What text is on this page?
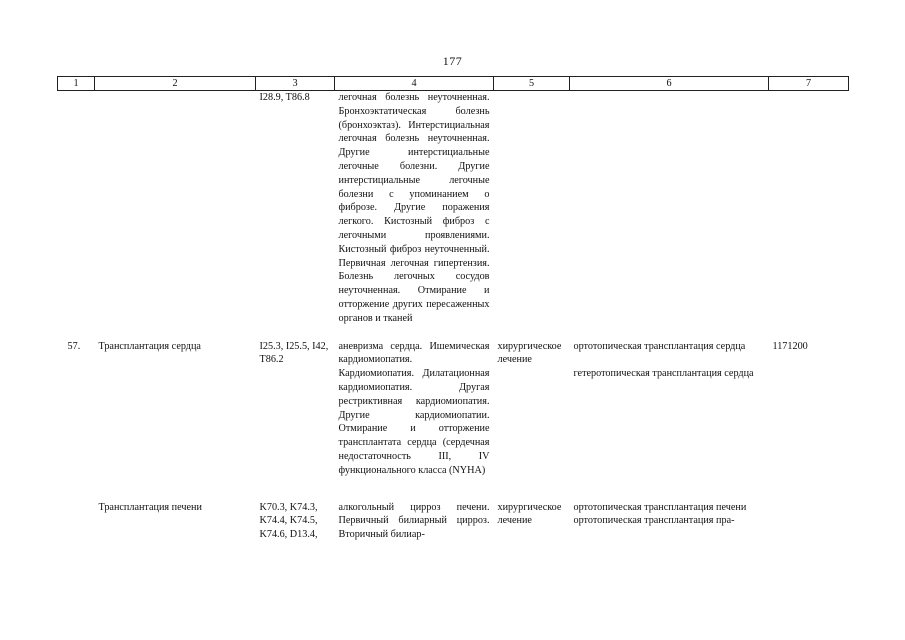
177
1	2	3	4	5	6	7
		I28.9, T86.8	легочная болезнь неуточненная. Бронхоэктатическая болезнь (бронхоэктаз). Интерстициальная легочная болезнь неуточненная. Другие интерстициальные легочные болезни. Другие интерстициальные легочные болезни с упоминанием о фиброзе. Другие поражения легкого. Кистозный фиброз с легочными проявлениями. Кистозный фиброз неуточненный. Первичная легочная гипертензия. Болезнь легочных сосудов неуточненная. Отмирание и отторжение других пересаженных органов и тканей			

57.	Трансплантация сердца	I25.3, I25.5, I42, T86.2	аневризма сердца. Ишемическая кардиомиопатия. Кардиомиопатия. Дилатационная кардиомиопатия. Другая рестриктивная кардиомиопатия. Другие кардиомиопатии. Отмирание и отторжение трансплантата сердца (сердечная недостаточность III, IV функционального класса (NYHA)	хирургическое лечение	ортотопическая трансплантация сердца
гетеротопическая трансплантация сердца	1171200

	Трансплантация печени	K70.3, K74.3, K74.4, K74.5, K74.6, D13.4,	алкогольный цирроз печени. Первичный билиарный цирроз. Вторичный билиар-	хирургическое лечение	ортотопическая трансплантация печени
ортотопическая трансплантация пра-	
